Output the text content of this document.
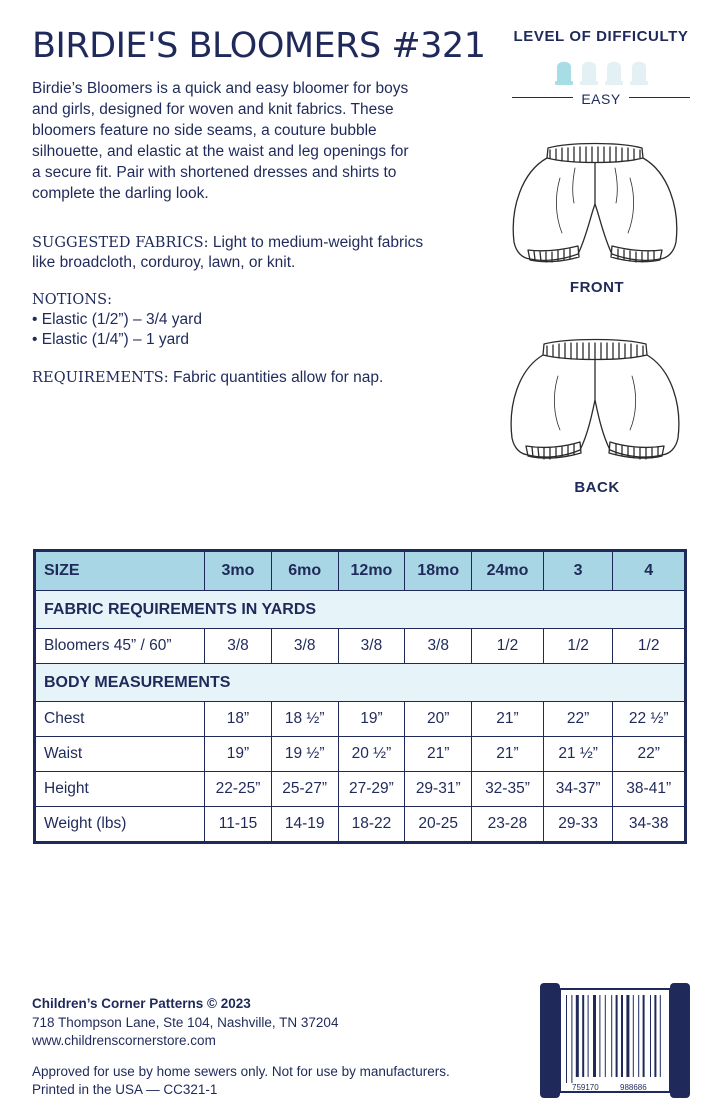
BIRDIE'S BLOOMERS #321
Birdie’s Bloomers is a quick and easy bloomer for boys and girls, designed for woven and knit fabrics. These bloomers feature no side seams, a couture bubble silhouette, and elastic at the waist and leg openings for a secure fit. Pair with shortened dresses and shirts to complete the darling look.
SUGGESTED FABRICS: Light to medium-weight fabrics like broadcloth, corduroy, lawn, or knit.
NOTIONS:
• Elastic (1/2”) – 3/4 yard
• Elastic (1/4”) – 1 yard
REQUIREMENTS: Fabric quantities allow for nap.
LEVEL OF DIFFICULTY
EASY
FRONT
BACK
SIZE	3mo	6mo	12mo	18mo	24mo	3	4
FABRIC REQUIREMENTS IN YARDS							
Bloomers 45” / 60”	3/8	3/8	3/8	3/8	1/2	1/2	1/2
BODY MEASUREMENTS							
Chest	18”	18 ½”	19”	20”	21”	22”	22 ½”
Waist	19”	19 ½”	20 ½”	21”	21”	21 ½”	22”
Height	22-25”	25-27”	27-29”	29-31”	32-35”	34-37”	38-41”
Weight (lbs)	11-15	14-19	18-22	20-25	23-28	29-33	34-38
Children’s Corner Patterns © 2023
718 Thompson Lane, Ste 104, Nashville, TN 37204
www.childrenscornerstore.com
Approved for use by home sewers only. Not for use by manufacturers.
Printed in the USA — CC321-1	0 759170	988686
